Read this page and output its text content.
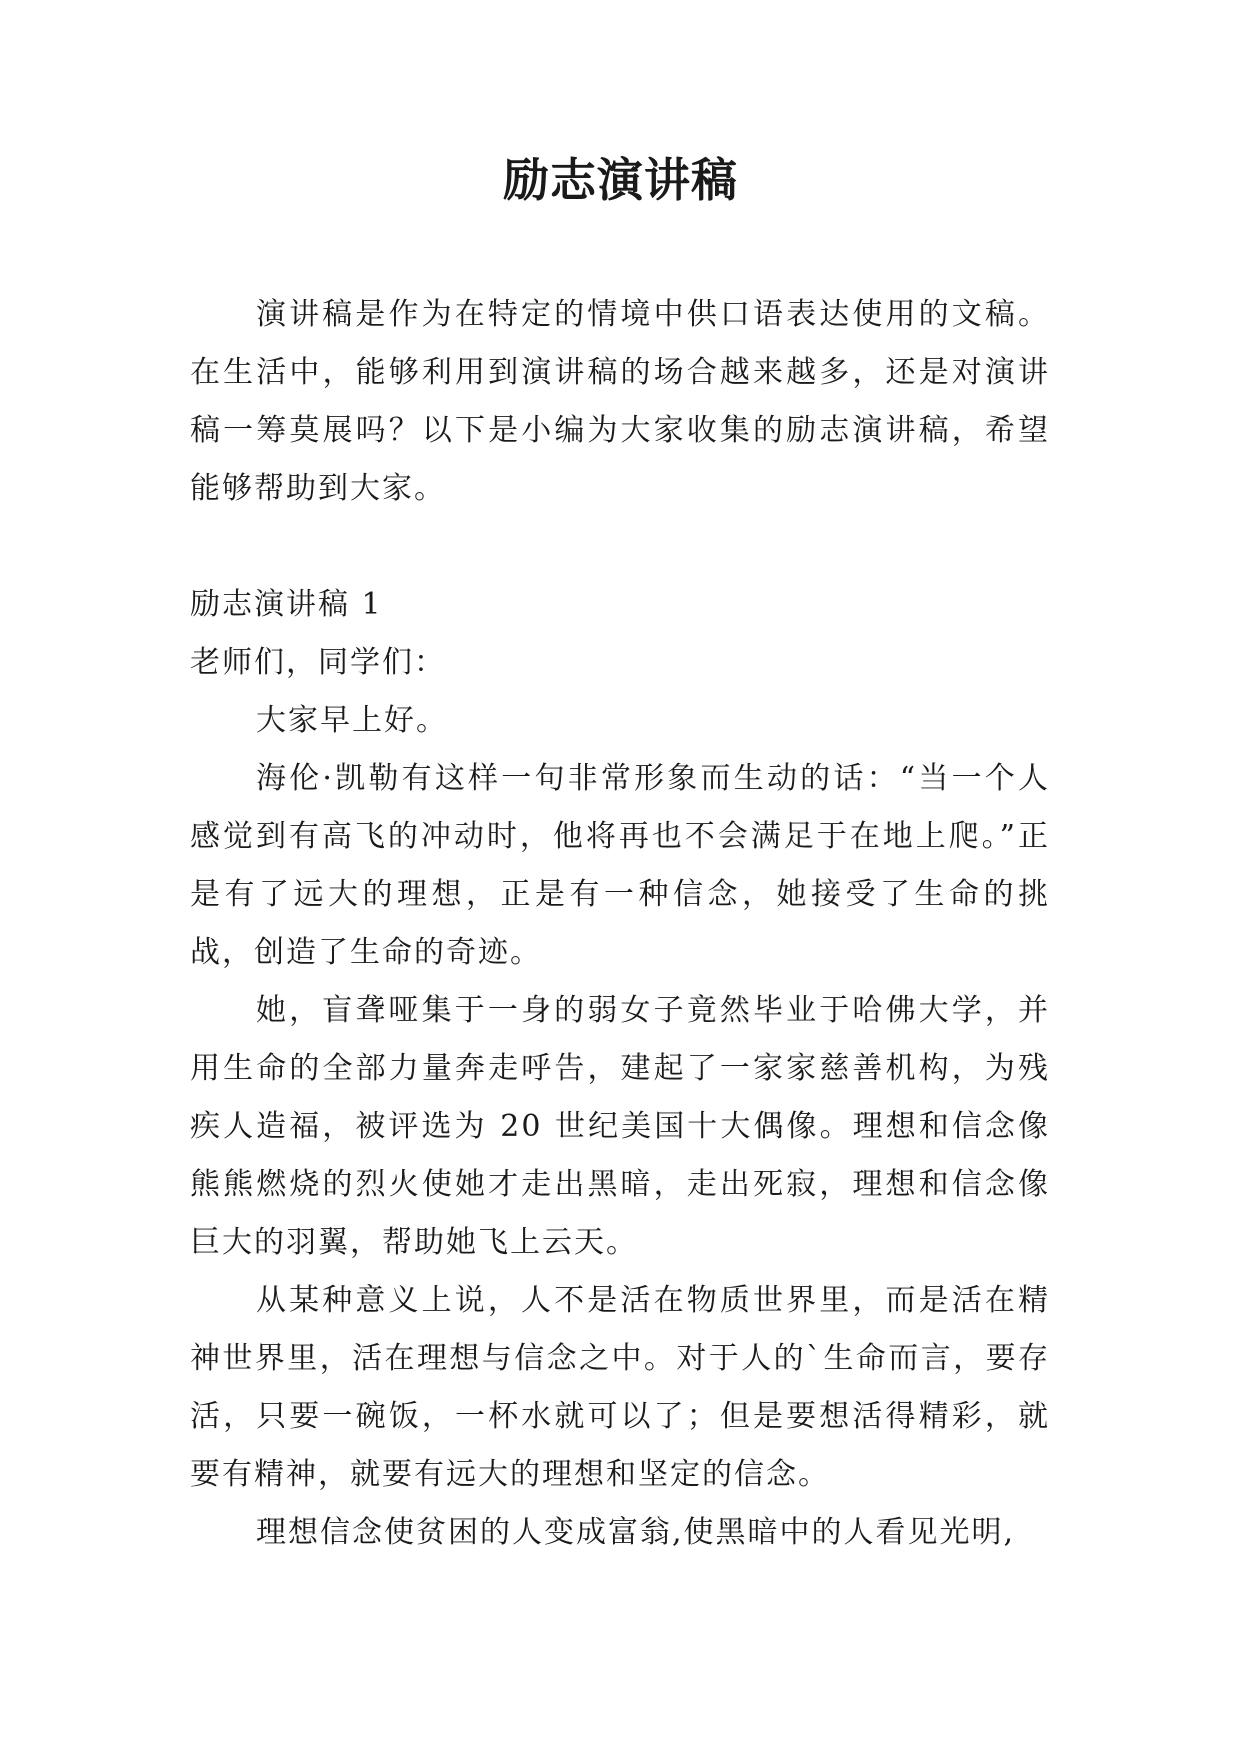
励志演讲稿

演讲稿是作为在特定的情境中供口语表达使用的文稿。在生活中，能够利用到演讲稿的场合越来越多，还是对演讲稿一筹莫展吗？以下是小编为大家收集的励志演讲稿，希望能够帮助到大家。

励志演讲稿 1

老师们，同学们：

大家早上好。

海伦·凯勒有这样一句非常形象而生动的话：“当一个人感觉到有高飞的冲动时，他将再也不会满足于在地上爬。”正是有了远大的理想，正是有一种信念，她接受了生命的挑战，创造了生命的奇迹。

她，盲聋哑集于一身的弱女子竟然毕业于哈佛大学，并用生命的全部力量奔走呼告，建起了一家家慈善机构，为残疾人造福，被评选为 20 世纪美国十大偶像。理想和信念像熊熊燃烧的烈火使她才走出黑暗，走出死寂，理想和信念像巨大的羽翼，帮助她飞上云天。

从某种意义上说，人不是活在物质世界里，而是活在精神世界里，活在理想与信念之中。对于人的`生命而言，要存活，只要一碗饭，一杯水就可以了；但是要想活得精彩，就要有精神，就要有远大的理想和坚定的信念。

理想信念使贫困的人变成富翁,使黑暗中的人看见光明,
